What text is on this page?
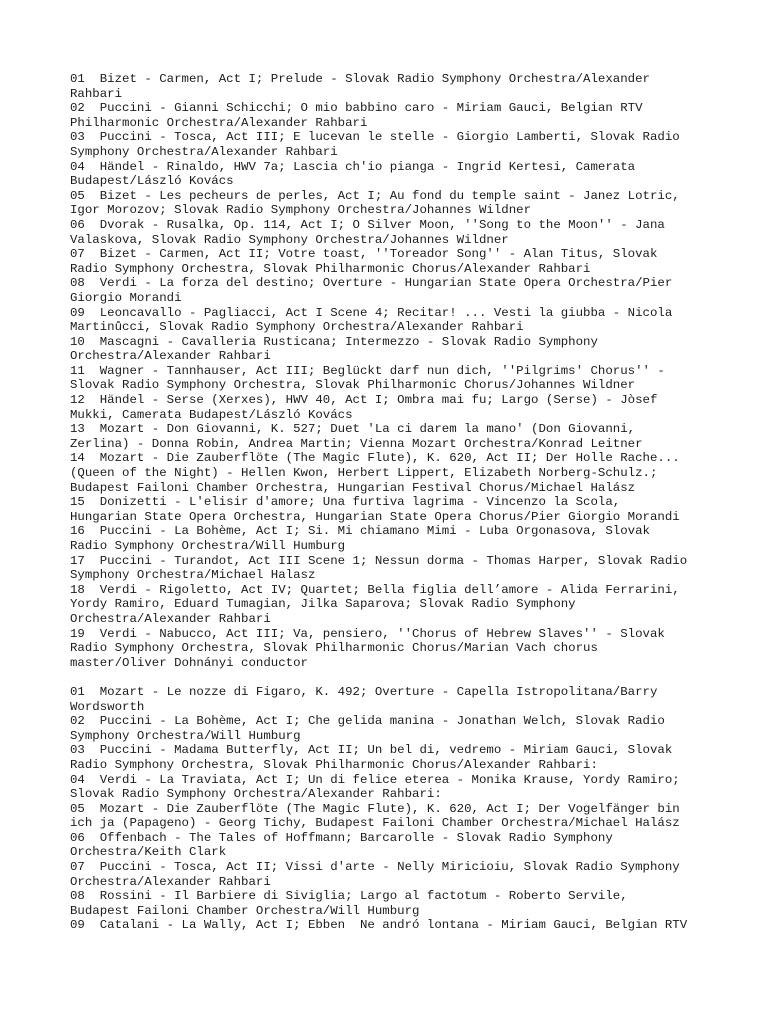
01  Bizet - Carmen, Act I; Prelude - Slovak Radio Symphony Orchestra/Alexander
Rahbari

02  Puccini - Gianni Schicchi; O mio babbino caro - Miriam Gauci, Belgian RTV
Philharmonic Orchestra/Alexander Rahbari

03  Puccini - Tosca, Act III; E lucevan le stelle - Giorgio Lamberti, Slovak Radio
Symphony Orchestra/Alexander Rahbari

04  Händel - Rinaldo, HWV 7a; Lascia ch'io pianga - Ingrid Kertesi, Camerata
Budapest/László Kovács

05  Bizet - Les pecheurs de perles, Act I; Au fond du temple saint - Janez Lotric,
Igor Morozov; Slovak Radio Symphony Orchestra/Johannes Wildner

06  Dvorak - Rusalka, Op. 114, Act I; O Silver Moon, ''Song to the Moon'' - Jana
Valaskova, Slovak Radio Symphony Orchestra/Johannes Wildner

07  Bizet - Carmen, Act II; Votre toast, ''Toreador Song'' - Alan Titus, Slovak
Radio Symphony Orchestra, Slovak Philharmonic Chorus/Alexander Rahbari

08  Verdi - La forza del destino; Overture - Hungarian State Opera Orchestra/Pier
Giorgio Morandi

09  Leoncavallo - Pagliacci, Act I Scene 4; Recitar! ... Vesti la giubba - Nicola
Martinůcci, Slovak Radio Symphony Orchestra/Alexander Rahbari

10  Mascagni - Cavalleria Rusticana; Intermezzo - Slovak Radio Symphony
Orchestra/Alexander Rahbari

11  Wagner - Tannhauser, Act III; Beglückt darf nun dich, ''Pilgrims' Chorus'' -
Slovak Radio Symphony Orchestra, Slovak Philharmonic Chorus/Johannes Wildner

12  Händel - Serse (Xerxes), HWV 40, Act I; Ombra mai fu; Largo (Serse) - Jòsef
Mukki, Camerata Budapest/László Kovács

13  Mozart - Don Giovanni, K. 527; Duet 'La ci darem la mano' (Don Giovanni,
Zerlina) - Donna Robin, Andrea Martin; Vienna Mozart Orchestra/Konrad Leitner

14  Mozart - Die Zauberflöte (The Magic Flute), K. 620, Act II; Der Holle Rache...
(Queen of the Night) - Hellen Kwon, Herbert Lippert, Elizabeth Norberg-Schulz.;
Budapest Failoni Chamber Orchestra, Hungarian Festival Chorus/Michael Halász

15  Donizetti - L'elisir d'amore; Una furtiva lagrima - Vincenzo la Scola,
Hungarian State Opera Orchestra, Hungarian State Opera Chorus/Pier Giorgio Morandi

16  Puccini - La Bohème, Act I; Si. Mi chiamano Mimi - Luba Orgonasova, Slovak
Radio Symphony Orchestra/Will Humburg

17  Puccini - Turandot, Act III Scene 1; Nessun dorma - Thomas Harper, Slovak Radio
Symphony Orchestra/Michael Halasz

18  Verdi - Rigoletto, Act IV; Quartet; Bella figlia dell’amore - Alida Ferrarini,
Yordy Ramiro, Eduard Tumagian, Jilka Saparova; Slovak Radio Symphony
Orchestra/Alexander Rahbari

19  Verdi - Nabucco, Act III; Va, pensiero, ''Chorus of Hebrew Slaves'' - Slovak
Radio Symphony Orchestra, Slovak Philharmonic Chorus/Marian Vach chorus
master/Oliver Dohnányi conductor

01  Mozart - Le nozze di Figaro, K. 492; Overture - Capella Istropolitana/Barry
Wordsworth

02  Puccini - La Bohème, Act I; Che gelida manina - Jonathan Welch, Slovak Radio
Symphony Orchestra/Will Humburg

03  Puccini - Madama Butterfly, Act II; Un bel di, vedremo - Miriam Gauci, Slovak
Radio Symphony Orchestra, Slovak Philharmonic Chorus/Alexander Rahbari:

04  Verdi - La Traviata, Act I; Un di felice eterea - Monika Krause, Yordy Ramiro;
Slovak Radio Symphony Orchestra/Alexander Rahbari:

05  Mozart - Die Zauberflöte (The Magic Flute), K. 620, Act I; Der Vogelfänger bin
ich ja (Papageno) - Georg Tichy, Budapest Failoni Chamber Orchestra/Michael Halász

06  Offenbach - The Tales of Hoffmann; Barcarolle - Slovak Radio Symphony
Orchestra/Keith Clark

07  Puccini - Tosca, Act II; Vissi d'arte - Nelly Miricioiu, Slovak Radio Symphony
Orchestra/Alexander Rahbari

08  Rossini - Il Barbiere di Siviglia; Largo al factotum - Roberto Servile,
Budapest Failoni Chamber Orchestra/Will Humburg

09  Catalani - La Wally, Act I; Ebben  Ne andró lontana - Miriam Gauci, Belgian RTV
